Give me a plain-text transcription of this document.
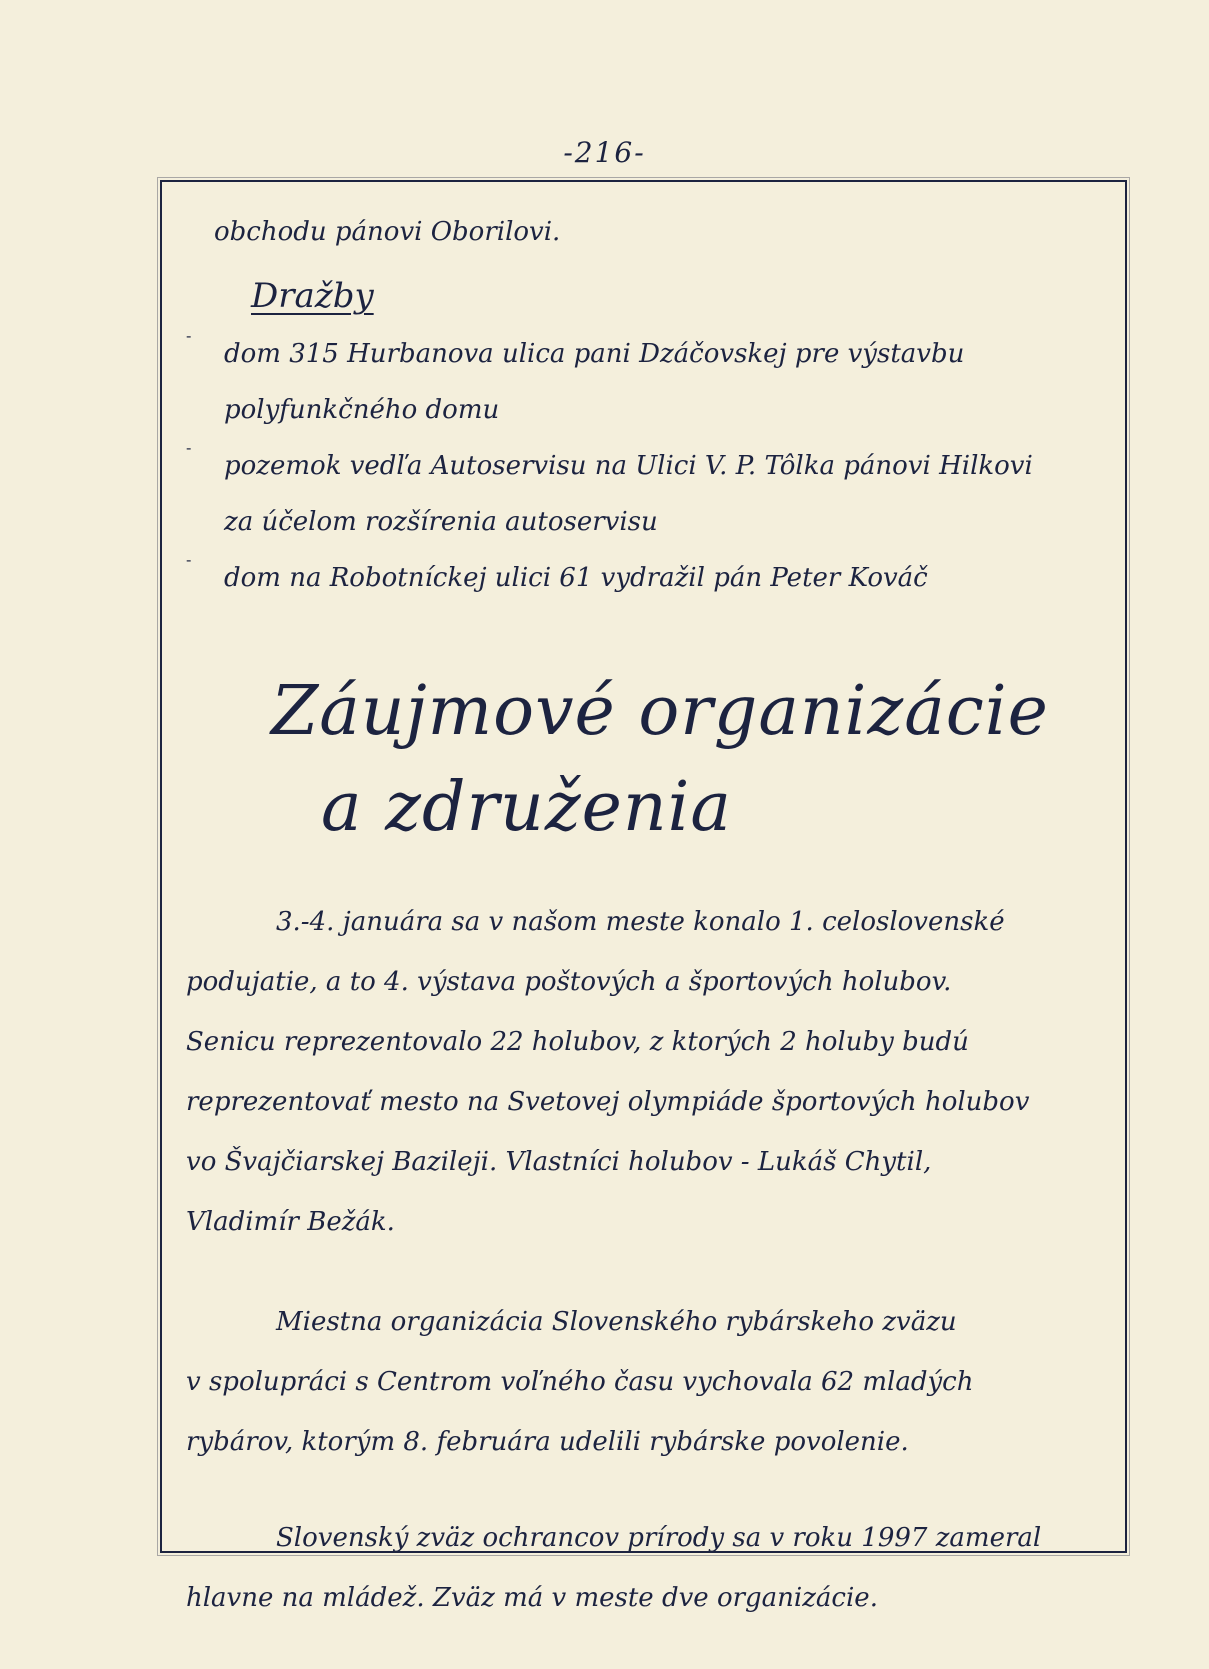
-216-
obchodu pánovi Oborilovi.
Dražby
- dom 315 Hurbanova ulica pani Dzáčovskej pre výstavbu
polyfunkčného domu
- pozemok vedľa Autoservisu na Ulici V. P. Tôlka pánovi Hilkovi
za účelom rozšírenia autoservisu
- dom na Robotníckej ulici 61 vydražil pán Peter Kováč
Záujmové organizácie
a združenia
3.-4. januára sa v našom meste konalo 1. celoslovenské
podujatie, a to 4. výstava poštových a športových holubov.
Senicu reprezentovalo 22 holubov, z ktorých 2 holuby budú
reprezentovať mesto na Svetovej olympiáde športových holubov
vo Švajčiarskej Bazileji. Vlastníci holubov - Lukáš Chytil,
Vladimír Bežák.
Miestna organizácia Slovenského rybárskeho zväzu
v spolupráci s Centrom voľného času vychovala 62 mladých
rybárov, ktorým 8. februára udelili rybárske povolenie.
Slovenský zväz ochrancov prírody sa v roku 1997 zameral
hlavne na mládež. Zväz má v meste dve organizácie.
